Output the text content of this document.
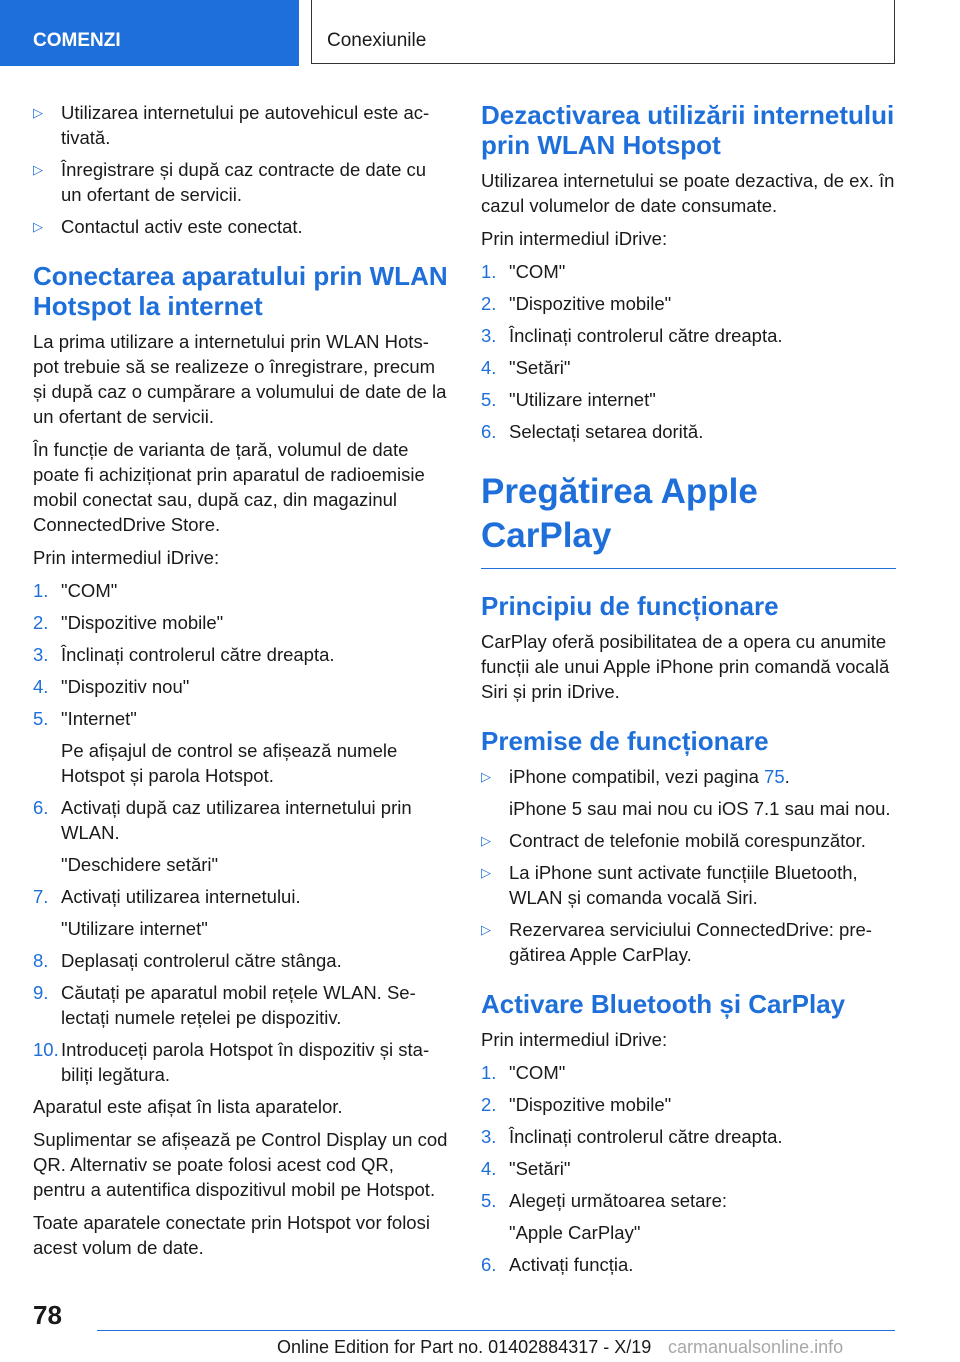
COMENZI	Conexiunile
▷ Utilizarea internetului pe autovehicul este activată.
▷ Înregistrare și după caz contracte de date cu un ofertant de servicii.
▷ Contactul activ este conectat.
Conectarea aparatului prin WLAN Hotspot la internet

La prima utilizare a internetului prin WLAN Hotspot trebuie să se realizeze o înregistrare, precum și după caz o cumpărare a volumului de date de la un ofertant de servicii.

În funcție de varianta de țară, volumul de date poate fi achiziționat prin aparatul de radioemisie mobil conectat sau, după caz, din magazinul ConnectedDrive Store.

Prin intermediul iDrive:

1. "COM"
2. "Dispozitive mobile"
3. Înclinați controlerul către dreapta.
4. "Dispozitiv nou"
5. "Internet"
Pe afișajul de control se afișează numele Hotspot și parola Hotspot.
6. Activați după caz utilizarea internetului prin WLAN.
"Deschidere setări"
7. Activați utilizarea internetului.
"Utilizare internet"
8. Deplasați controlerul către stânga.
9. Căutați pe aparatul mobil rețele WLAN. Selectați numele rețelei pe dispozitiv.
10. Introduceți parola Hotspot în dispozitiv și stabiliți legătura.

Aparatul este afișat în lista aparatelor.

Suplimentar se afișează pe Control Display un cod QR. Alternativ se poate folosi acest cod QR, pentru a autentifica dispozitivul mobil pe Hotspot.

Toate aparatele conectate prin Hotspot vor folosi acest volum de date.

Dezactivarea utilizării internetului prin WLAN Hotspot

Utilizarea internetului se poate dezactiva, de ex. în cazul volumelor de date consumate.

Prin intermediul iDrive:

1. "COM"
2. "Dispozitive mobile"
3. Înclinați controlerul către dreapta.
4. "Setări"
5. "Utilizare internet"
6. Selectați setarea dorită.
Pregătirea Apple CarPlay
Principiu de funcționare

CarPlay oferă posibilitatea de a opera cu anumite funcții ale unui Apple iPhone prin comandă vocală Siri și prin iDrive.

Premise de funcționare
▷ iPhone compatibil, vezi pagina 75.
iPhone 5 sau mai nou cu iOS 7.1 sau mai nou.
▷ Contract de telefonie mobilă corespunzător.
▷ La iPhone sunt activate funcțiile Bluetooth, WLAN și comanda vocală Siri.
▷ Rezervarea serviciului ConnectedDrive: pregătirea Apple CarPlay.
Activare Bluetooth și CarPlay

Prin intermediul iDrive:

1. "COM"
2. "Dispozitive mobile"
3. Înclinați controlerul către dreapta.
4. "Setări"
5. Alegeți următoarea setare:
"Apple CarPlay"
6. Activați funcția.
78
Online Edition for Part no. 01402884317 - X/19 carmanualsonline.info
